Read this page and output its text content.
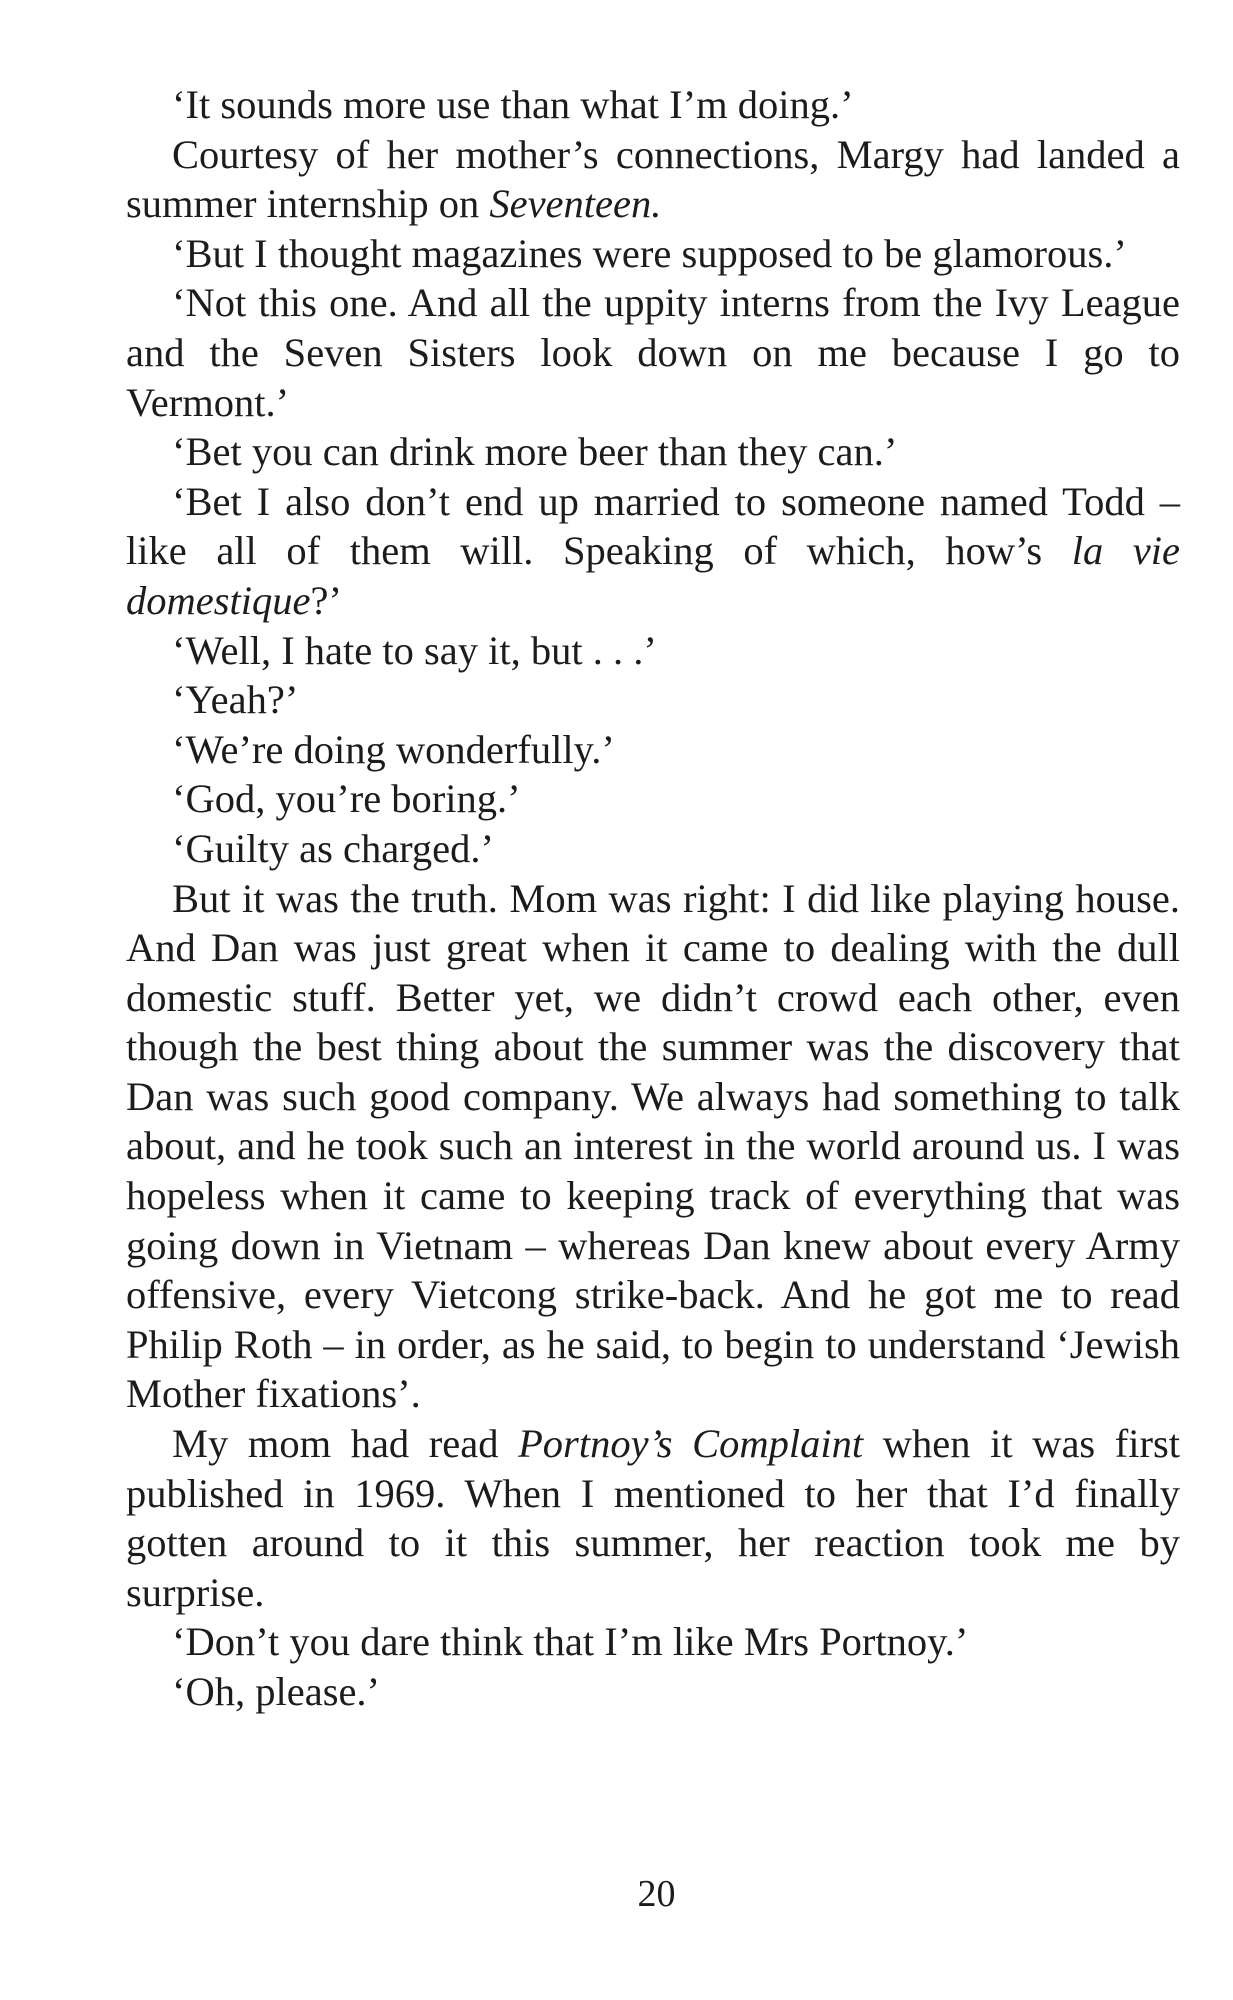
‘It sounds more use than what I’m doing.’

Courtesy of her mother’s connections, Margy had landed a summer internship on Seventeen.

‘But I thought magazines were supposed to be glamorous.’

‘Not this one. And all the uppity interns from the Ivy League and the Seven Sisters look down on me because I go to Vermont.’

‘Bet you can drink more beer than they can.’

‘Bet I also don’t end up married to someone named Todd – like all of them will. Speaking of which, how’s la vie domestique?’

‘Well, I hate to say it, but . . .’

‘Yeah?’

‘We’re doing wonderfully.’

‘God, you’re boring.’

‘Guilty as charged.’

But it was the truth. Mom was right: I did like playing house. And Dan was just great when it came to dealing with the dull domestic stuff. Better yet, we didn’t crowd each other, even though the best thing about the summer was the discovery that Dan was such good company. We always had something to talk about, and he took such an interest in the world around us. I was hopeless when it came to keeping track of everything that was going down in Vietnam – whereas Dan knew about every Army offensive, every Vietcong strike-back. And he got me to read Philip Roth – in order, as he said, to begin to understand ‘Jewish Mother fixations’.

My mom had read Portnoy’s Complaint when it was first published in 1969. When I mentioned to her that I’d finally gotten around to it this summer, her reaction took me by surprise.

‘Don’t you dare think that I’m like Mrs Portnoy.’

‘Oh, please.’

20
